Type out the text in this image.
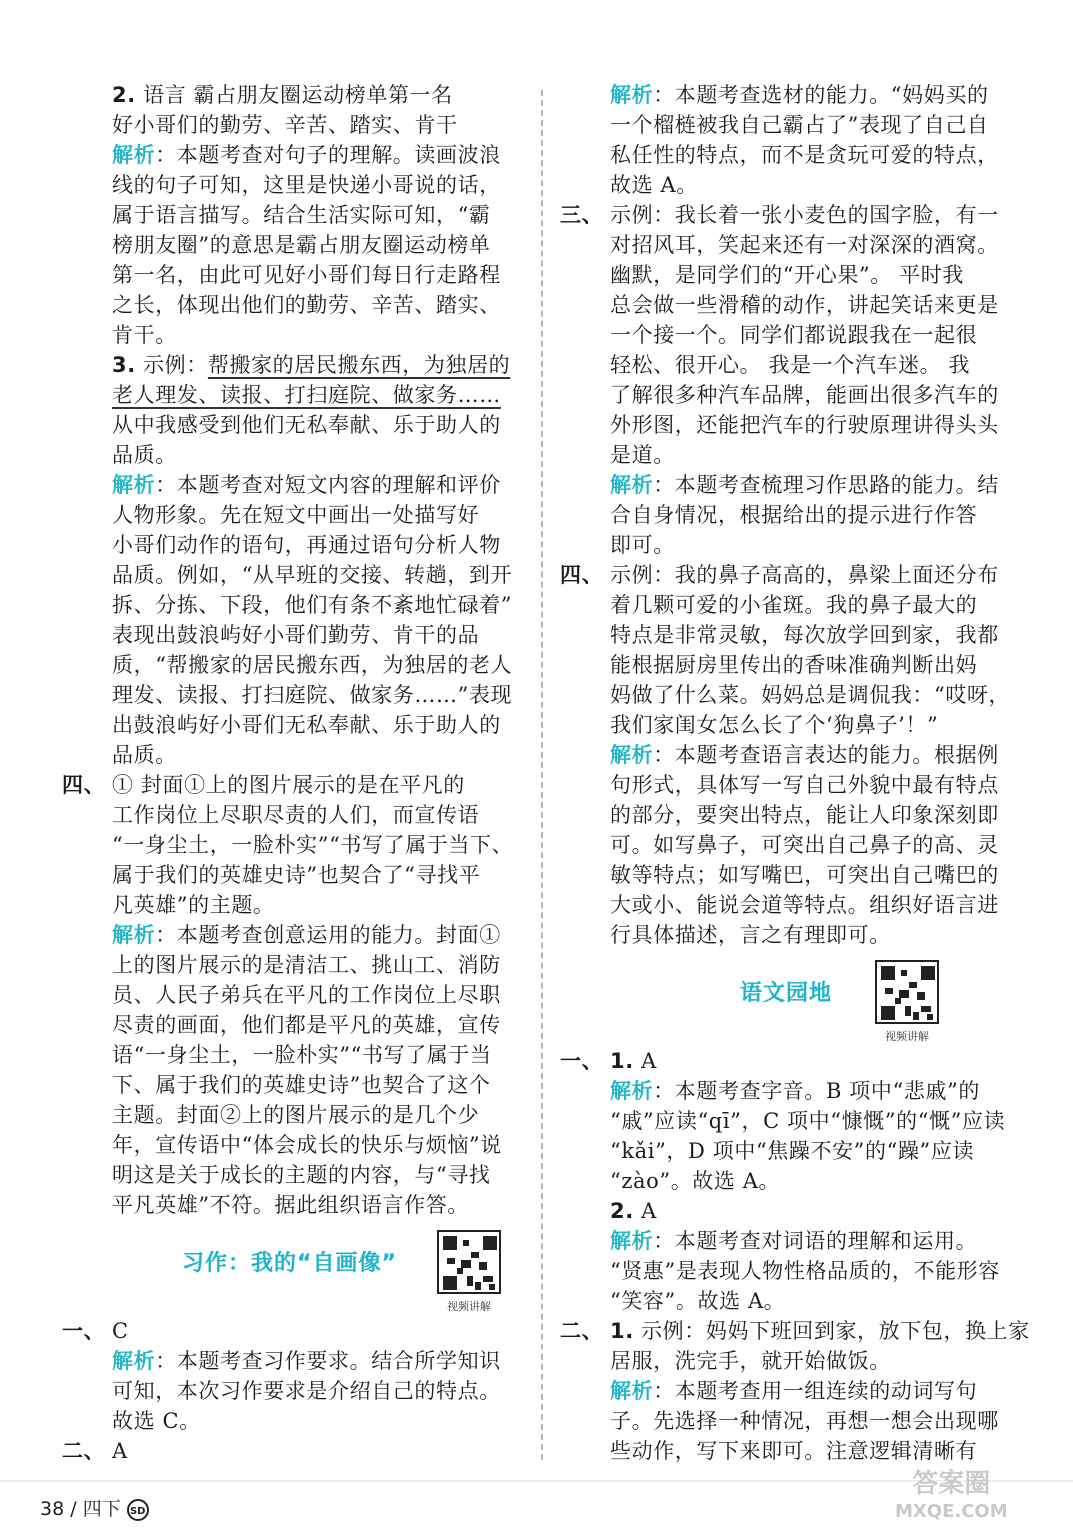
2. 语言 霸占朋友圈运动榜单第一名
好小哥们的勤劳、辛苦、踏实、肯干
解析：本题考查对句子的理解。读画波浪
线的句子可知，这里是快递小哥说的话，
属于语言描写。结合生活实际可知，“霸
榜朋友圈”的意思是霸占朋友圈运动榜单
第一名，由此可见好小哥们每日行走路程
之长，体现出他们的勤劳、辛苦、踏实、
肯干。
3. 示例：帮搬家的居民搬东西，为独居的
老人理发、读报、打扫庭院、做家务……
从中我感受到他们无私奉献、乐于助人的
品质。
解析：本题考查对短文内容的理解和评价
人物形象。先在短文中画出一处描写好
小哥们动作的语句，再通过语句分析人物
品质。例如，“从早班的交接、转趟，到开
拆、分拣、下段，他们有条不紊地忙碌着”
表现出鼓浪屿好小哥们勤劳、肯干的品
质，“帮搬家的居民搬东西，为独居的老人
理发、读报、打扫庭院、做家务……”表现
出鼓浪屿好小哥们无私奉献、乐于助人的
品质。
四、 ① 封面①上的图片展示的是在平凡的
工作岗位上尽职尽责的人们，而宣传语
“一身尘土，一脸朴实”“书写了属于当下、
属于我们的英雄史诗”也契合了“寻找平
凡英雄”的主题。
解析：本题考查创意运用的能力。封面①
上的图片展示的是清洁工、挑山工、消防
员、人民子弟兵在平凡的工作岗位上尽职
尽责的画面，他们都是平凡的英雄，宣传
语“一身尘土，一脸朴实”“书写了属于当
下、属于我们的英雄史诗”也契合了这个
主题。封面②上的图片展示的是几个少
年，宣传语中“体会成长的快乐与烦恼”说
明这是关于成长的主题的内容，与“寻找
平凡英雄”不符。据此组织语言作答。
习作：我的“自画像”
视频讲解
一、 C
解析：本题考查习作要求。结合所学知识
可知，本次习作要求是介绍自己的特点。
故选 C。
二、 A
解析：本题考查选材的能力。“妈妈买的
一个榴梿被我自己霸占了”表现了自己自
私任性的特点，而不是贪玩可爱的特点，
故选 A。
三、 示例：我长着一张小麦色的国字脸，有一
对招风耳，笑起来还有一对深深的酒窝。
幽默，是同学们的“开心果”。 平时我
总会做一些滑稽的动作，讲起笑话来更是
一个接一个。同学们都说跟我在一起很
轻松、很开心。 我是一个汽车迷。 我
了解很多种汽车品牌，能画出很多汽车的
外形图，还能把汽车的行驶原理讲得头头
是道。
解析：本题考查梳理习作思路的能力。结
合自身情况，根据给出的提示进行作答
即可。
四、 示例：我的鼻子高高的，鼻梁上面还分布
着几颗可爱的小雀斑。我的鼻子最大的
特点是非常灵敏，每次放学回到家，我都
能根据厨房里传出的香味准确判断出妈
妈做了什么菜。妈妈总是调侃我：“哎呀，
我们家闺女怎么长了个‘狗鼻子’！”
解析：本题考查语言表达的能力。根据例
句形式，具体写一写自己外貌中最有特点
的部分，要突出特点，能让人印象深刻即
可。如写鼻子，可突出自己鼻子的高、灵
敏等特点；如写嘴巴，可突出自己嘴巴的
大或小、能说会道等特点。组织好语言进
行具体描述，言之有理即可。
语文园地
视频讲解
一、 1. A
解析：本题考查字音。B 项中“悲戚”的
“戚”应读“qī”，C 项中“慷慨”的“慨”应读
“kǎi”，D 项中“焦躁不安”的“躁”应读
“zào”。故选 A。
2. A
解析：本题考查对词语的理解和运用。
“贤惠”是表现人物性格品质的，不能形容
“笑容”。故选 A。
二、 1. 示例：妈妈下班回到家，放下包，换上家
居服，洗完手，就开始做饭。
解析：本题考查用一组连续的动词写句
子。先选择一种情况，再想一想会出现哪
些动作，写下来即可。注意逻辑清晰有
38 / 四下 SD
答案圈
MXQE.COM
